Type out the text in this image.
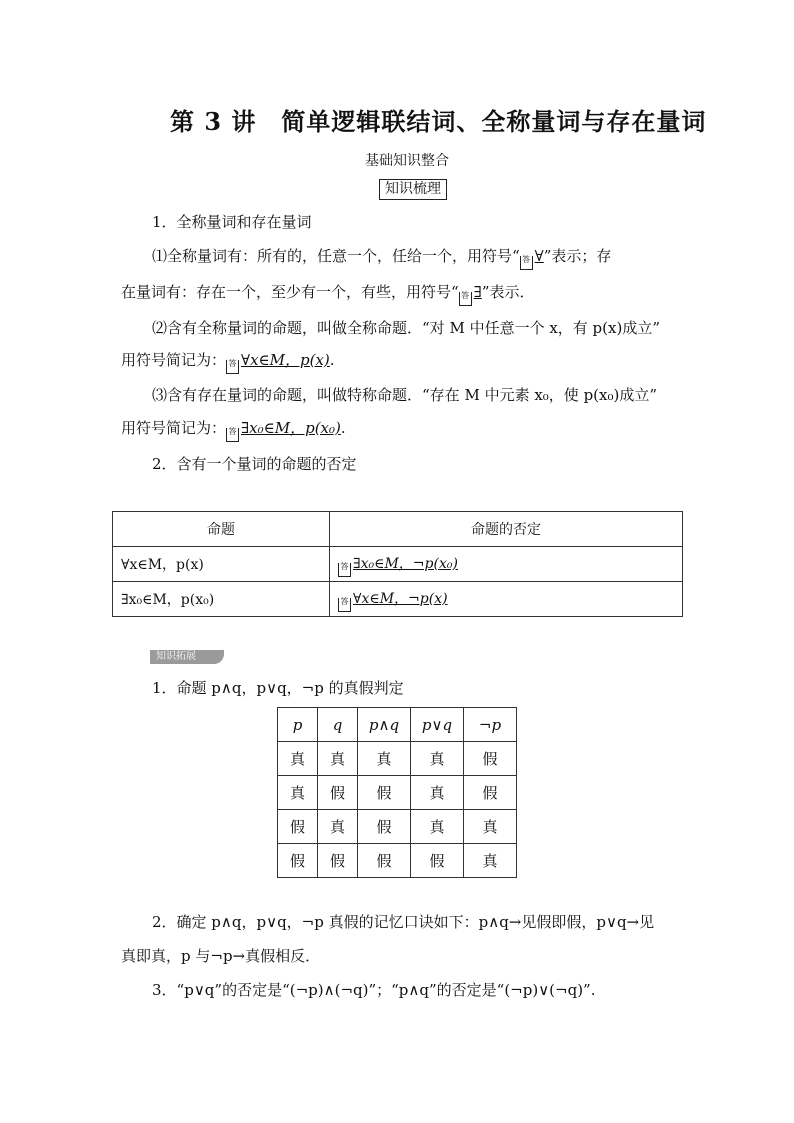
第 3 讲　简单逻辑联结词、全称量词与存在量词
基础知识整合
知识梳理
1．全称量词和存在量词
⑴全称量词有：所有的，任意一个，任给一个，用符号“ 答 ∀”表示；存
在量词有：存在一个，至少有一个，有些，用符号“ 答 ∃”表示．
⑵含有全称量词的命题，叫做全称命题．“对 M 中任意一个 x，有 p(x)成立”
用符号简记为： 答 ∀x∈M，p(x).
⑶含有存在量词的命题，叫做特称命题．“存在 M 中元素 x₀，使 p(x₀)成立”
用符号简记为： 答 ∃x₀∈M，p(x₀).
2．含有一个量词的命题的否定
命题	命题的否定
∀x∈M，p(x)	答 ∃x₀∈M，¬p(x₀)
∃x₀∈M，p(x₀)	答 ∀x∈M，¬p(x)
知识拓展
1．命题 p∧q，p∨q，¬p 的真假判定
p	q	p∧q	p∨q	¬p
真	真	真	真	假
真	假	假	真	假
假	真	假	真	真
假	假	假	假	真
2．确定 p∧q，p∨q，¬p 真假的记忆口诀如下：p∧q→见假即假，p∨q→见
真即真，p 与¬p→真假相反．
3．“p∨q”的否定是“(¬p)∧(¬q)”；“p∧q”的否定是“(¬p)∨(¬q)”.
